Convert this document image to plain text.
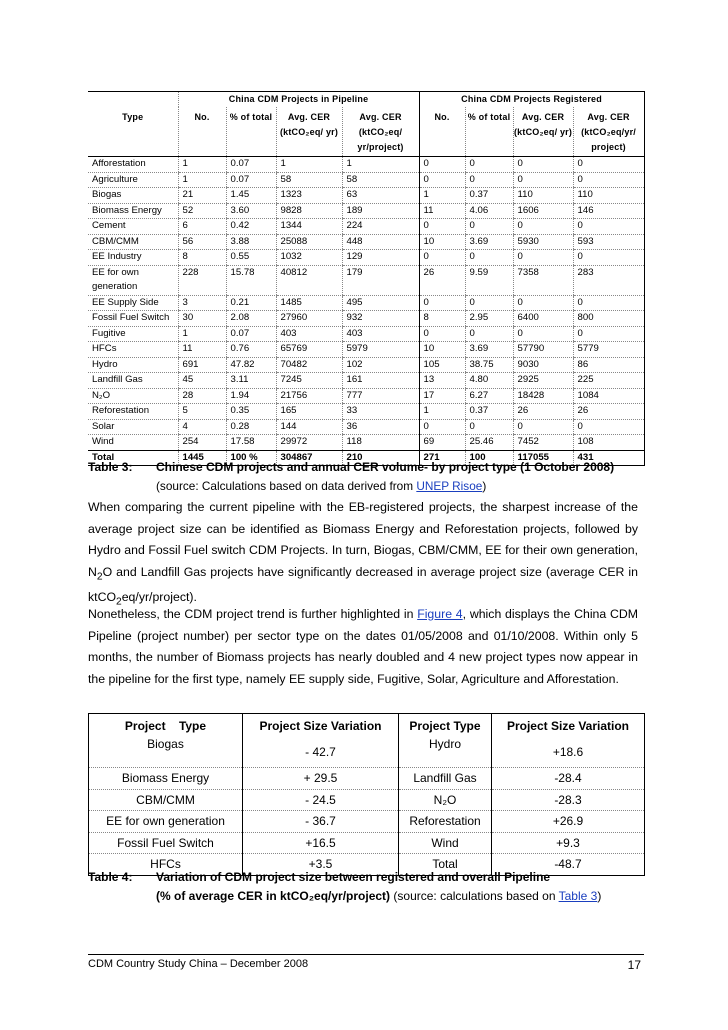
	China CDM Projects in Pipeline				China CDM Projects Registered			
Type	No.	% of total	Avg. CER (ktCO₂eq/ yr)	Avg. CER (ktCO₂eq/ yr/project)	No.	% of total	Avg. CER (ktCO₂eq/ yr)	Avg. CER (ktCO₂eq/yr/ project)
Afforestation	1	0.07	1	1	0	0	0	0
Agriculture	1	0.07	58	58	0	0	0	0
Biogas	21	1.45	1323	63	1	0.37	110	110
Biomass Energy	52	3.60	9828	189	11	4.06	1606	146
Cement	6	0.42	1344	224	0	0	0	0
CBM/CMM	56	3.88	25088	448	10	3.69	5930	593
EE Industry	8	0.55	1032	129	0	0	0	0
EE for own generation	228	15.78	40812	179	26	9.59	7358	283
EE Supply Side	3	0.21	1485	495	0	0	0	0
Fossil Fuel Switch	30	2.08	27960	932	8	2.95	6400	800
Fugitive	1	0.07	403	403	0	0	0	0
HFCs	11	0.76	65769	5979	10	3.69	57790	5779
Hydro	691	47.82	70482	102	105	38.75	9030	86
Landfill Gas	45	3.11	7245	161	13	4.80	2925	225
N₂O	28	1.94	21756	777	17	6.27	18428	1084
Reforestation	5	0.35	165	33	1	0.37	26	26
Solar	4	0.28	144	36	0	0	0	0
Wind	254	17.58	29972	118	69	25.46	7452	108
Total	1445	100 %	304867	210	271	100	117055	431
Table 3: Chinese CDM projects and annual CER volume- by project type (1 October 2008)
(source: Calculations based on data derived from UNEP Risoe)

When comparing the current pipeline with the EB-registered projects, the sharpest increase of the average project size can be identified as Biomass Energy and Reforestation projects, followed by Hydro and Fossil Fuel switch CDM Projects. In turn, Biogas, CBM/CMM, EE for their own generation, $N_2O$ and Landfill Gas projects have significantly decreased in average project size (average CER in ktCO$_2$eq/yr/project).

Nonetheless, the CDM project trend is further highlighted in Figure 4, which displays the China CDM Pipeline (project number) per sector type on the dates 01/05/2008 and 01/10/2008. Within only 5 months, the number of Biomass projects has nearly doubled and 4 new project types now appear in the pipeline for the first type, namely EE supply side, Fugitive, Solar, Agriculture and Afforestation.

Project    Type	Project Size Variation	Project Type	Project Size Variation
Biogas	- 42.7	Hydro	+18.6
Biomass Energy	+ 29.5	Landfill Gas	-28.4
CBM/CMM	- 24.5	N₂O	-28.3
EE for own generation	- 36.7	Reforestation	+26.9
Fossil Fuel Switch	+16.5	Wind	+9.3
HFCs	+3.5	Total	-48.7
Table 4: Variation of CDM project size between registered and overall Pipeline
(% of average CER in ktCO₂eq/yr/project) (source: calculations based on Table 3)
CDM Country Study China – December 2008	17
